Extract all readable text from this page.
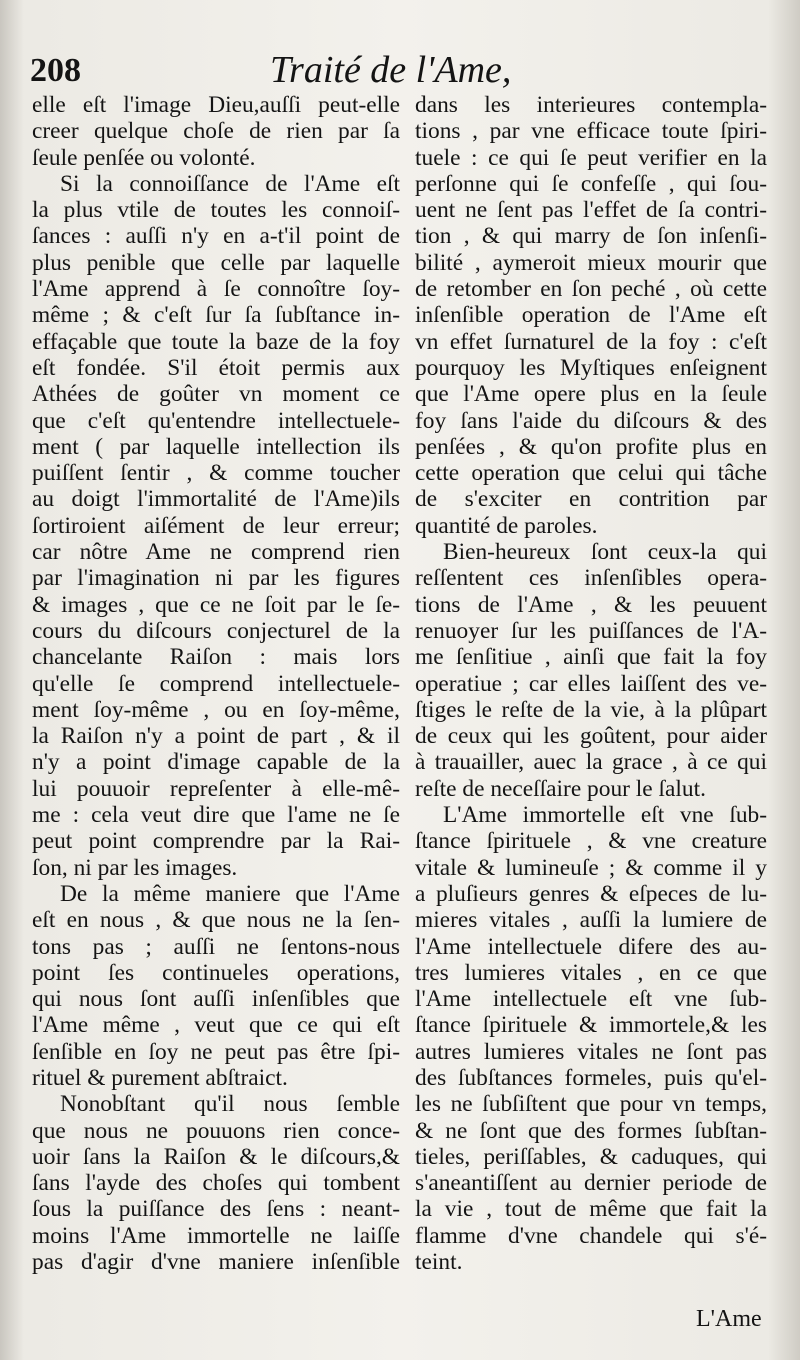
208	Traité de l'Ame,
elle eſt l'image Dieu,auſſi peut-elle
creer quelque choſe de rien par ſa
ſeule penſée ou volonté.
Si la connoiſſance de l'Ame eſt
la plus vtile de toutes les connoiſ-
ſances : auſſi n'y en a-t'il point de
plus penible que celle par laquelle
l'Ame apprend à ſe connoître ſoy-
même ; & c'eſt ſur ſa ſubſtance in-
effaçable que toute la baze de la foy
eſt fondée. S'il étoit permis aux
Athées de goûter vn moment ce
que c'eſt qu'entendre intellectuele-
ment ( par laquelle intellection ils
puiſſent ſentir , & comme toucher
au doigt l'immortalité de l'Ame)ils
ſortiroient aiſément de leur erreur;
car nôtre Ame ne comprend rien
par l'imagination ni par les figures
& images , que ce ne ſoit par le ſe-
cours du diſcours conjecturel de la
chancelante Raiſon : mais lors
qu'elle ſe comprend intellectuele-
ment ſoy-même , ou en ſoy-même,
la Raiſon n'y a point de part , & il
n'y a point d'image capable de la
lui pouuoir repreſenter à elle-mê-
me : cela veut dire que l'ame ne ſe
peut point comprendre par la Rai-
ſon, ni par les images.
De la même maniere que l'Ame
eſt en nous , & que nous ne la ſen-
tons pas ; auſſi ne ſentons-nous
point ſes continueles operations,
qui nous ſont auſſi inſenſibles que
l'Ame même , veut que ce qui eſt
ſenſible en ſoy ne peut pas être ſpi-
rituel & purement abſtraict.
Nonobſtant qu'il nous ſemble
que nous ne pouuons rien conce-
uoir ſans la Raiſon & le diſcours,&
ſans l'ayde des choſes qui tombent
ſous la puiſſance des ſens : neant-
moins l'Ame immortelle ne laiſſe
pas d'agir d'vne maniere inſenſible
dans les interieures contempla-
tions , par vne efficace toute ſpiri-
tuele : ce qui ſe peut verifier en la
perſonne qui ſe confeſſe , qui ſou-
uent ne ſent pas l'effet de ſa contri-
tion , & qui marry de ſon inſenſi-
bilité , aymeroit mieux mourir que
de retomber en ſon peché , où cette
inſenſible operation de l'Ame eſt
vn effet ſurnaturel de la foy : c'eſt
pourquoy les Myſtiques enſeignent
que l'Ame opere plus en la ſeule
foy ſans l'aide du diſcours & des
penſées , & qu'on profite plus en
cette operation que celui qui tâche
de s'exciter en contrition par
quantité de paroles.
Bien-heureux ſont ceux-la qui
reſſentent ces inſenſibles opera-
tions de l'Ame , & les peuuent
renuoyer ſur les puiſſances de l'A-
me ſenſitiue , ainſi que fait la foy
operatiue ; car elles laiſſent des ve-
ſtiges le reſte de la vie, à la plûpart
de ceux qui les goûtent, pour aider
à trauailler, auec la grace , à ce qui
reſte de neceſſaire pour le ſalut.
L'Ame immortelle eſt vne ſub-
ſtance ſpirituele , & vne creature
vitale & lumineuſe ; & comme il y
a pluſieurs genres & eſpeces de lu-
mieres vitales , auſſi la lumiere de
l'Ame intellectuele difere des au-
tres lumieres vitales , en ce que
l'Ame intellectuele eſt vne ſub-
ſtance ſpirituele & immortele,& les
autres lumieres vitales ne ſont pas
des ſubſtances formeles, puis qu'el-
les ne ſubſiſtent que pour vn temps,
& ne ſont que des formes ſubſtan-
tieles, periſſables, & caduques, qui
s'aneantiſſent au dernier periode de
la vie , tout de même que fait la
flamme d'vne chandele qui s'é-
teint.
L'Ame
